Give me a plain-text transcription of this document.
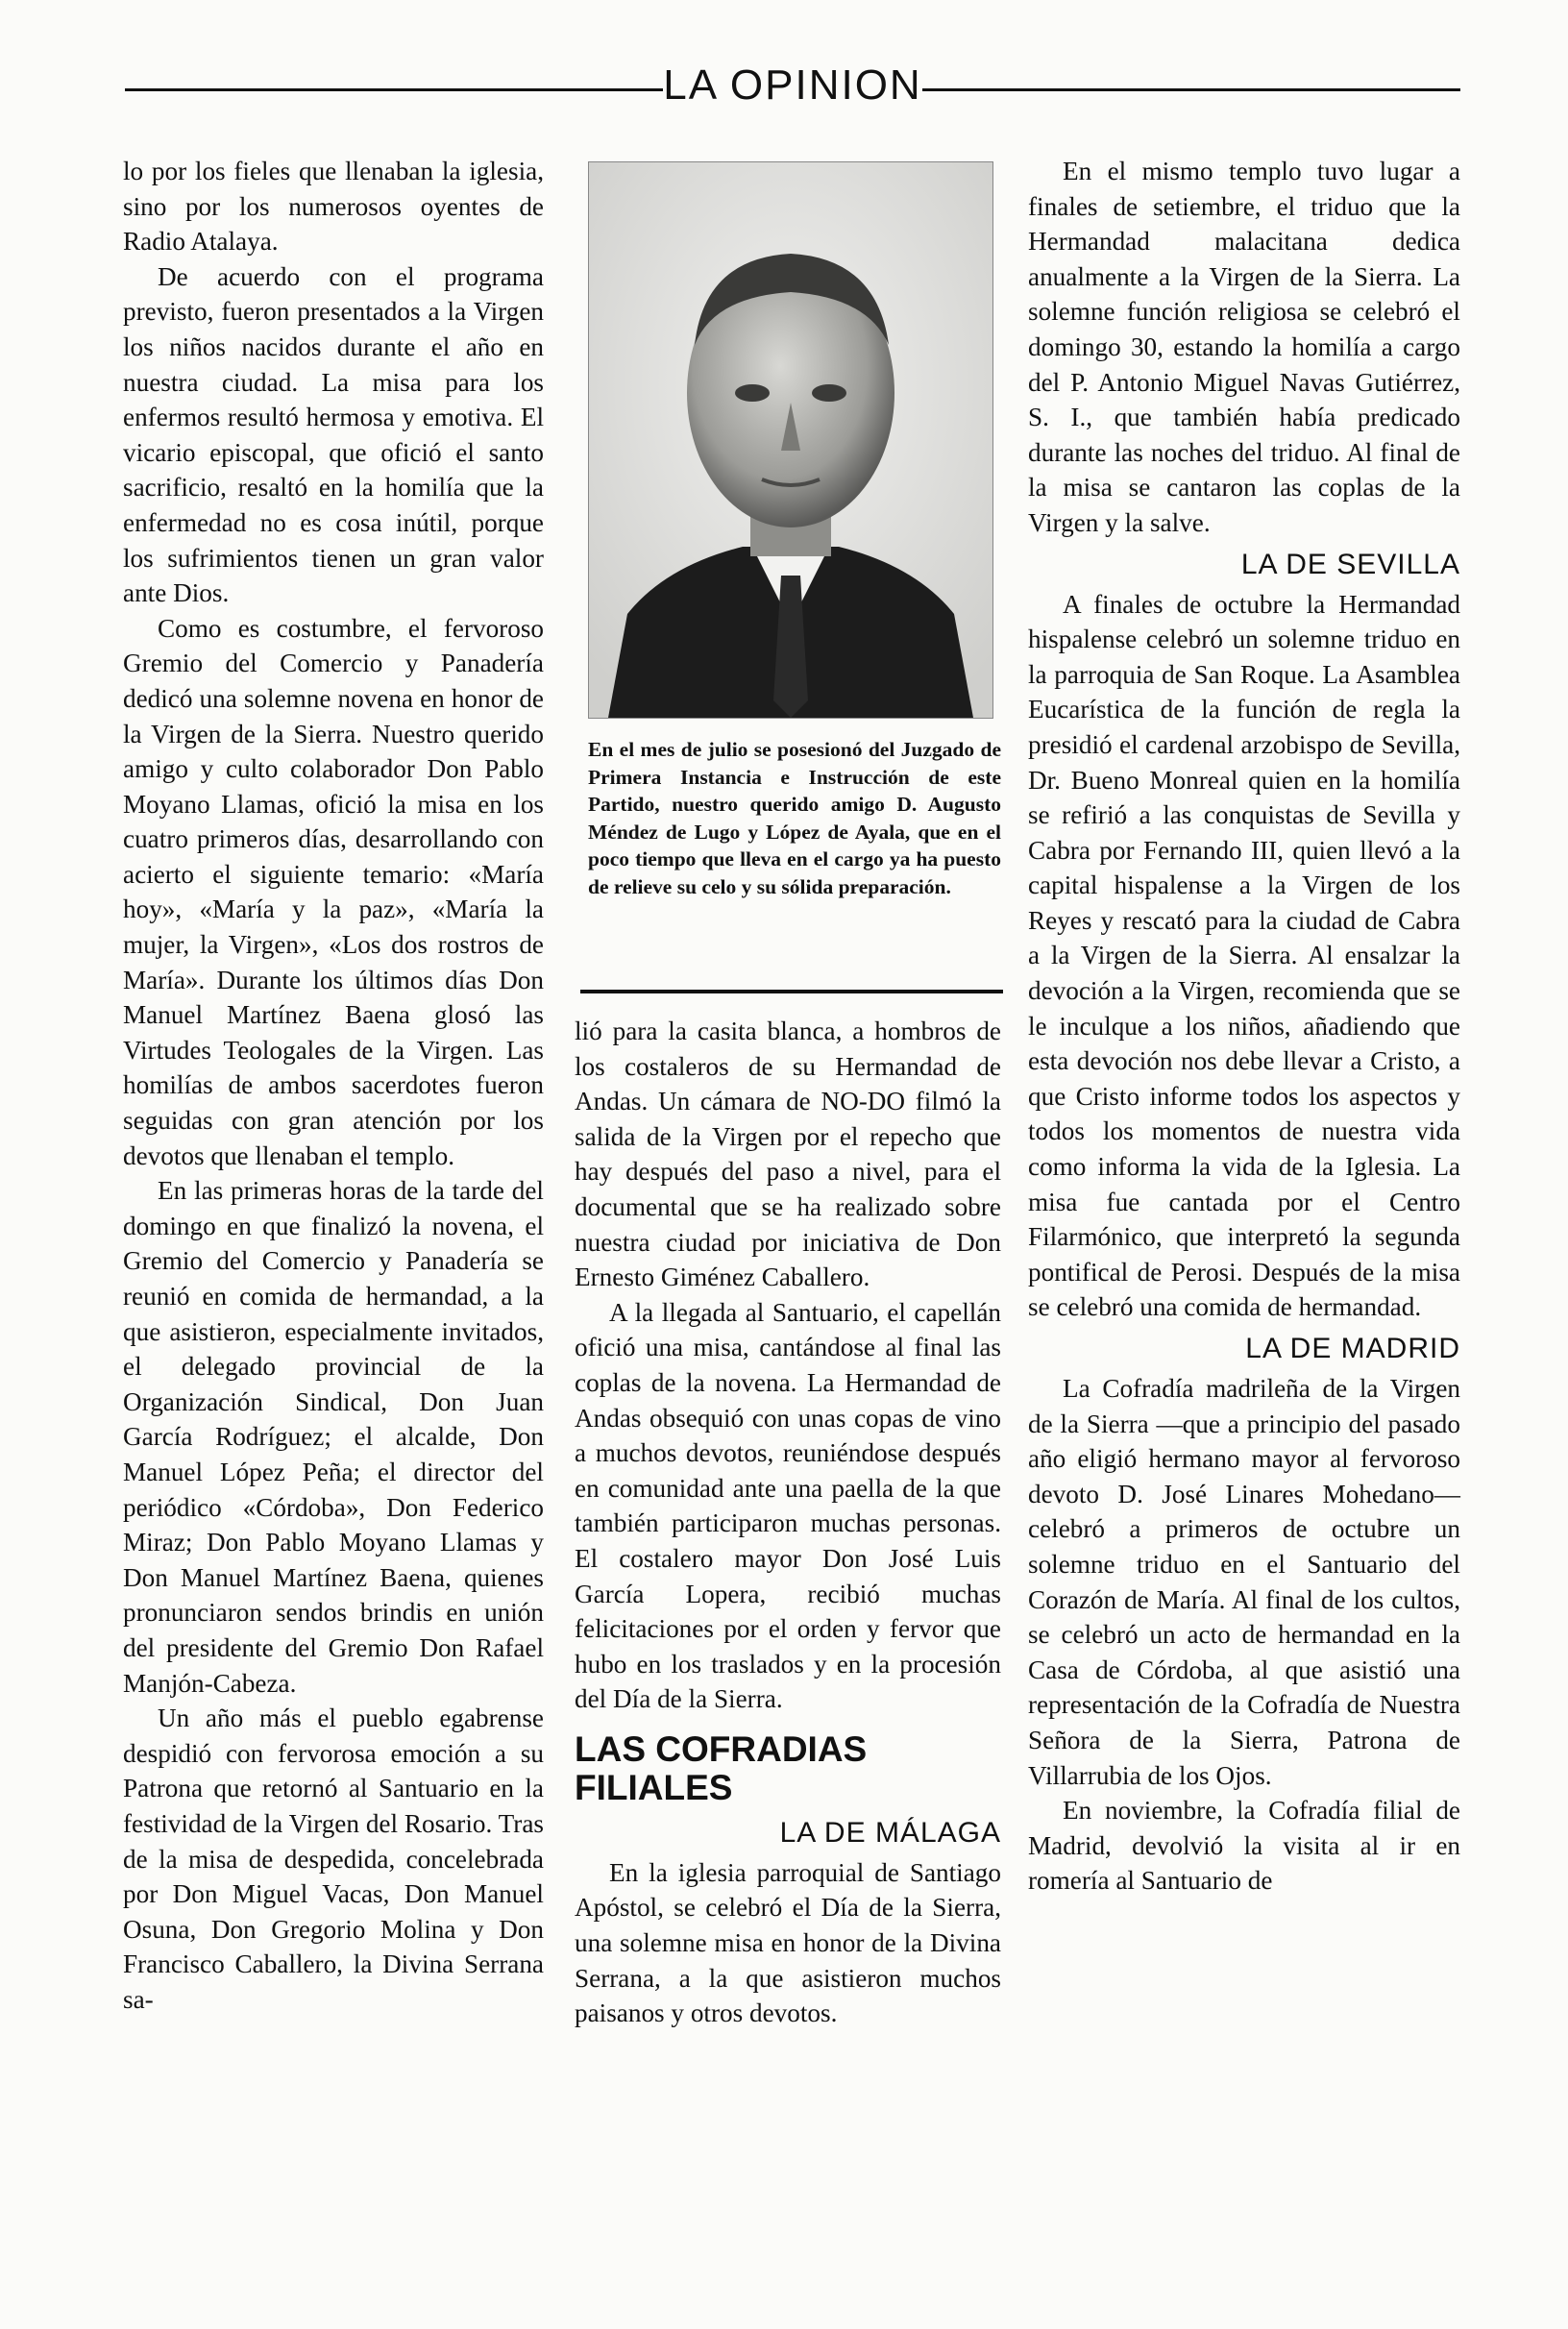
LA OPINION

lo por los fieles que llenaban la iglesia, sino por los numerosos oyentes de Radio Atalaya.

De acuerdo con el programa previsto, fueron presentados a la Virgen los niños nacidos durante el año en nuestra ciudad. La misa para los enfermos resultó hermosa y emotiva. El vicario episcopal, que ofició el santo sacrificio, resaltó en la homilía que la enfermedad no es cosa inútil, porque los sufrimientos tienen un gran valor ante Dios.

Como es costumbre, el fervoroso Gremio del Comercio y Panadería dedicó una solemne novena en honor de la Virgen de la Sierra. Nuestro querido amigo y culto colaborador Don Pablo Moyano Llamas, ofició la misa en los cuatro primeros días, desarrollando con acierto el siguiente temario: «María hoy», «María y la paz», «María la mujer, la Virgen», «Los dos rostros de María». Durante los últimos días Don Manuel Martínez Baena glosó las Virtudes Teologales de la Virgen. Las homilías de ambos sacerdotes fueron seguidas con gran atención por los devotos que llenaban el templo.

En las primeras horas de la tarde del domingo en que finalizó la novena, el Gremio del Comercio y Panadería se reunió en comida de hermandad, a la que asistieron, especialmente invitados, el delegado provincial de la Organización Sindical, Don Juan García Rodríguez; el alcalde, Don Manuel López Peña; el director del periódico «Córdoba», Don Federico Miraz; Don Pablo Moyano Llamas y Don Manuel Martínez Baena, quienes pronunciaron sendos brindis en unión del presidente del Gremio Don Rafael Manjón-Cabeza.

Un año más el pueblo egabrense despidió con fervorosa emoción a su Patrona que retornó al Santuario en la festividad de la Virgen del Rosario. Tras de la misa de despedida, concelebrada por Don Miguel Vacas, Don Manuel Osuna, Don Gregorio Molina y Don Francisco Caballero, la Divina Serrana sa-

En el mes de julio se posesionó del Juzgado de Primera Instancia e Instrucción de este Partido, nuestro querido amigo D. Augusto Méndez de Lugo y López de Ayala, que en el poco tiempo que lleva en el cargo ya ha puesto de relieve su celo y su sólida preparación.

lió para la casita blanca, a hombros de los costaleros de su Hermandad de Andas. Un cámara de NO-DO filmó la salida de la Virgen por el repecho que hay después del paso a nivel, para el documental que se ha realizado sobre nuestra ciudad por iniciativa de Don Ernesto Giménez Caballero.

A la llegada al Santuario, el capellán ofició una misa, cantándose al final las coplas de la novena. La Hermandad de Andas obsequió con unas copas de vino a muchos devotos, reuniéndose después en comunidad ante una paella de la que también participaron muchas personas. El costalero mayor Don José Luis García Lopera, recibió muchas felicitaciones por el orden y fervor que hubo en los traslados y en la procesión del Día de la Sierra.

LAS COFRADIAS FILIALES
LA DE MÁLAGA

En la iglesia parroquial de Santiago Apóstol, se celebró el Día de la Sierra, una solemne misa en honor de la Divina Serrana, a la que asistieron muchos paisanos y otros devotos.

En el mismo templo tuvo lugar a finales de setiembre, el triduo que la Hermandad malacitana dedica anualmente a la Virgen de la Sierra. La solemne función religiosa se celebró el domingo 30, estando la homilía a cargo del P. Antonio Miguel Navas Gutiérrez, S. I., que también había predicado durante las noches del triduo. Al final de la misa se cantaron las coplas de la Virgen y la salve.

LA DE SEVILLA

A finales de octubre la Hermandad hispalense celebró un solemne triduo en la parroquia de San Roque. La Asamblea Eucarística de la función de regla la presidió el cardenal arzobispo de Sevilla, Dr. Bueno Monreal quien en la homilía se refirió a las conquistas de Sevilla y Cabra por Fernando III, quien llevó a la capital hispalense a la Virgen de los Reyes y rescató para la ciudad de Cabra a la Virgen de la Sierra. Al ensalzar la devoción a la Virgen, recomienda que se le inculque a los niños, añadiendo que esta devoción nos debe llevar a Cristo, a que Cristo informe todos los aspectos y todos los momentos de nuestra vida como informa la vida de la Iglesia. La misa fue cantada por el Centro Filarmónico, que interpretó la segunda pontifical de Perosi. Después de la misa se celebró una comida de hermandad.

LA DE MADRID

La Cofradía madrileña de la Virgen de la Sierra —que a principio del pasado año eligió hermano mayor al fervoroso devoto D. José Linares Mohedano— celebró a primeros de octubre un solemne triduo en el Santuario del Corazón de María. Al final de los cultos, se celebró un acto de hermandad en la Casa de Córdoba, al que asistió una representación de la Cofradía de Nuestra Señora de la Sierra, Patrona de Villarrubia de los Ojos.

En noviembre, la Cofradía filial de Madrid, devolvió la visita al ir en romería al Santuario de
